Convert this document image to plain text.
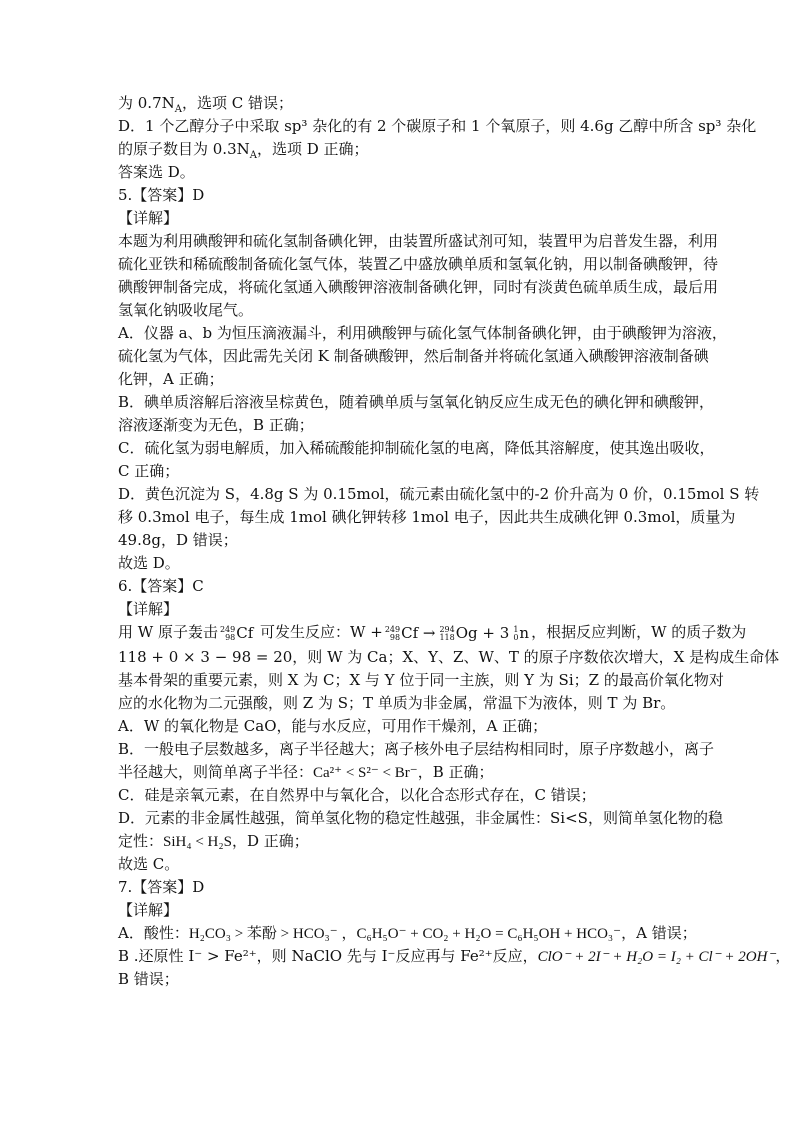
为 $0.7N_A$，选项 C 错误；
D．1 个乙醇分子中采取 sp³ 杂化的有 2 个碳原子和 1 个氧原子，则 4.6g 乙醇中所含 sp³ 杂化
的原子数目为 $0.3N_A$，选项 D 正确；
答案选 D。
5.【答案】D
【详解】
本题为利用碘酸钾和硫化氢制备碘化钾，由装置所盛试剂可知，装置甲为启普发生器，利用
硫化亚铁和稀硫酸制备硫化氢气体，装置乙中盛放碘单质和氢氧化钠，用以制备碘酸钾，待
碘酸钾制备完成，将硫化氢通入碘酸钾溶液制备碘化钾，同时有淡黄色硫单质生成，最后用
氢氧化钠吸收尾气。
A．仪器 a、b 为恒压滴液漏斗，利用碘酸钾与硫化氢气体制备碘化钾，由于碘酸钾为溶液，
硫化氢为气体，因此需先关闭 K 制备碘酸钾，然后制备并将硫化氢通入碘酸钾溶液制备碘
化钾，A 正确；
B．碘单质溶解后溶液呈棕黄色，随着碘单质与氢氧化钠反应生成无色的碘化钾和碘酸钾，
溶液逐渐变为无色，B 正确；
C．硫化氢为弱电解质，加入稀硫酸能抑制硫化氢的电离，降低其溶解度，使其逸出吸收，
C 正确；
D．黄色沉淀为 S，4.8g S 为 0.15mol，硫元素由硫化氢中的-2 价升高为 0 价，0.15mol S 转
移 0.3mol 电子，每生成 1mol 碘化钾转移 1mol 电子，因此共生成碘化钾 0.3mol，质量为
49.8g，D 错误；
故选 D。
6.【答案】C
【详解】
用 W 原子轰击 249
98 Cf 可发生反应：W + 249
98 Cf → 294
118 Og + 3 1
0 n ，根据反应判断，W 的质子数为
118 + 0 × 3 − 98 = 20，则 W 为 Ca；X、Y、Z、W、T 的原子序数依次增大，X 是构成生命体
基本骨架的重要元素，则 X 为 C；X 与 Y 位于同一主族，则 Y 为 Si；Z 的最高价氧化物对
应的水化物为二元强酸，则 Z 为 S；T 单质为非金属，常温下为液体，则 T 为 Br。
A．W 的氧化物是 CaO，能与水反应，可用作干燥剂，A 正确；
B．一般电子层数越多，离子半径越大；离子核外电子层结构相同时，原子序数越小，离子
半径越大，则简单离子半径：Ca²⁺ < S²⁻ < Br⁻，B 正确；
C．硅是亲氧元素，在自然界中与氧化合，以化合态形式存在，C 错误；
D．元素的非金属性越强，简单氢化物的稳定性越强，非金属性：Si<S，则简单氢化物的稳
定性：SiH₄ < H₂S，D 正确；
故选 C。
7.【答案】D
【详解】
A．酸性：H₂CO₃ > 苯酚 > HCO₃⁻ ，C₆H₅O⁻ + CO₂ + H₂O = C₆H₅OH + HCO₃⁻，A 错误；
B .还原性 I⁻ > Fe²⁺，则 NaClO 先与 I⁻反应再与 Fe²⁺反应，ClO⁻ + 2I⁻ + H₂O = I₂ + Cl⁻ + 2OH⁻，
B 错误；
